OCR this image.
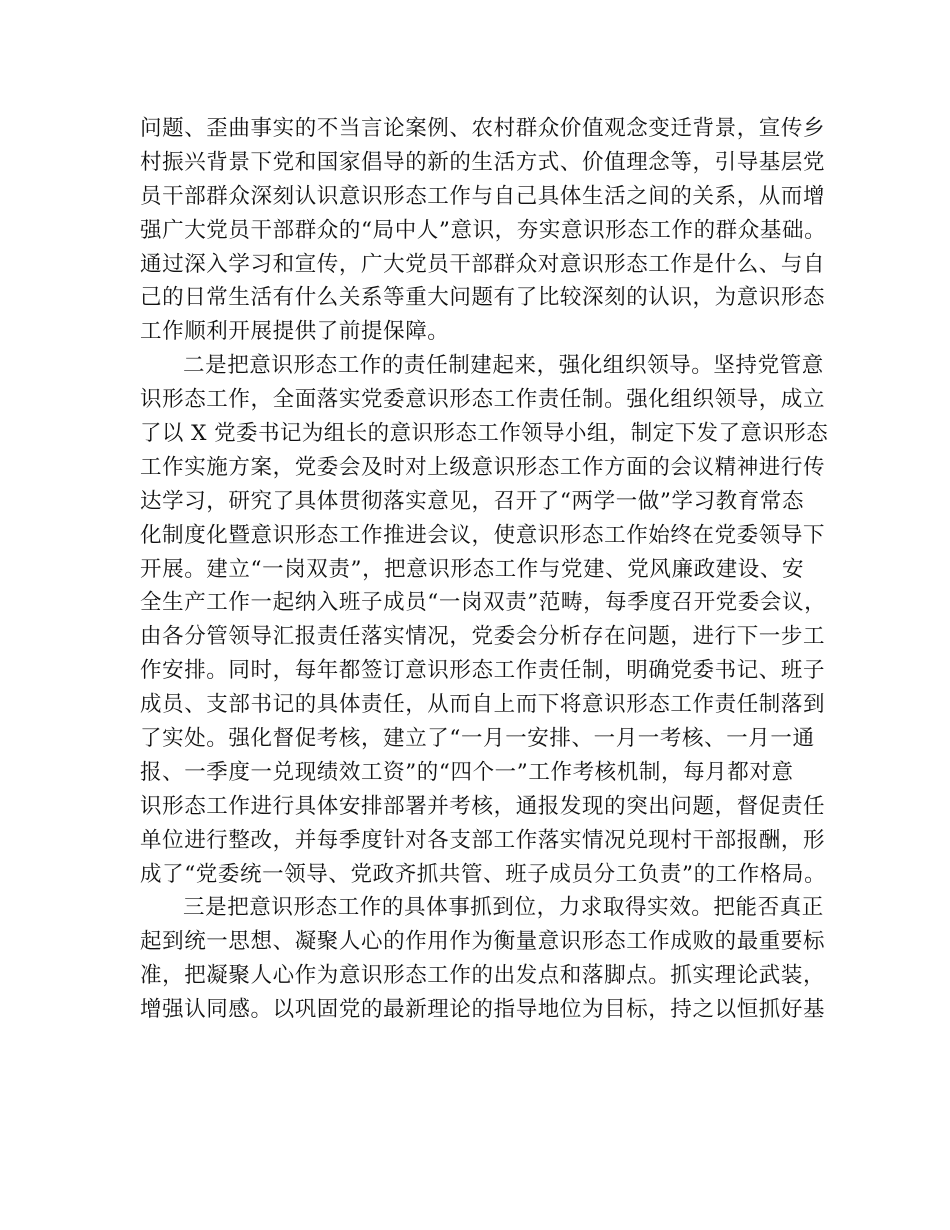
问题、歪曲事实的不当言论案例、农村群众价值观念变迁背景，宣传乡
村振兴背景下党和国家倡导的新的生活方式、价值理念等，引导基层党
员干部群众深刻认识意识形态工作与自己具体生活之间的关系，从而增
强广大党员干部群众的“局中人”意识，夯实意识形态工作的群众基础。
通过深入学习和宣传，广大党员干部群众对意识形态工作是什么、与自
己的日常生活有什么关系等重大问题有了比较深刻的认识，为意识形态
工作顺利开展提供了前提保障。
二是把意识形态工作的责任制建起来，强化组织领导。坚持党管意
识形态工作，全面落实党委意识形态工作责任制。强化组织领导，成立
了以 X 党委书记为组长的意识形态工作领导小组，制定下发了意识形态
工作实施方案，党委会及时对上级意识形态工作方面的会议精神进行传
达学习，研究了具体贯彻落实意见，召开了“两学一做”学习教育常态
化制度化暨意识形态工作推进会议，使意识形态工作始终在党委领导下
开展。建立“一岗双责”，把意识形态工作与党建、党风廉政建设、安
全生产工作一起纳入班子成员“一岗双责”范畴，每季度召开党委会议，
由各分管领导汇报责任落实情况，党委会分析存在问题，进行下一步工
作安排。同时，每年都签订意识形态工作责任制，明确党委书记、班子
成员、支部书记的具体责任，从而自上而下将意识形态工作责任制落到
了实处。强化督促考核，建立了“一月一安排、一月一考核、一月一通
报、一季度一兑现绩效工资”的“四个一”工作考核机制，每月都对意
识形态工作进行具体安排部署并考核，通报发现的突出问题，督促责任
单位进行整改，并每季度针对各支部工作落实情况兑现村干部报酬，形
成了“党委统一领导、党政齐抓共管、班子成员分工负责”的工作格局。
三是把意识形态工作的具体事抓到位，力求取得实效。把能否真正
起到统一思想、凝聚人心的作用作为衡量意识形态工作成败的最重要标
准，把凝聚人心作为意识形态工作的出发点和落脚点。抓实理论武装，
增强认同感。以巩固党的最新理论的指导地位为目标，持之以恒抓好基
